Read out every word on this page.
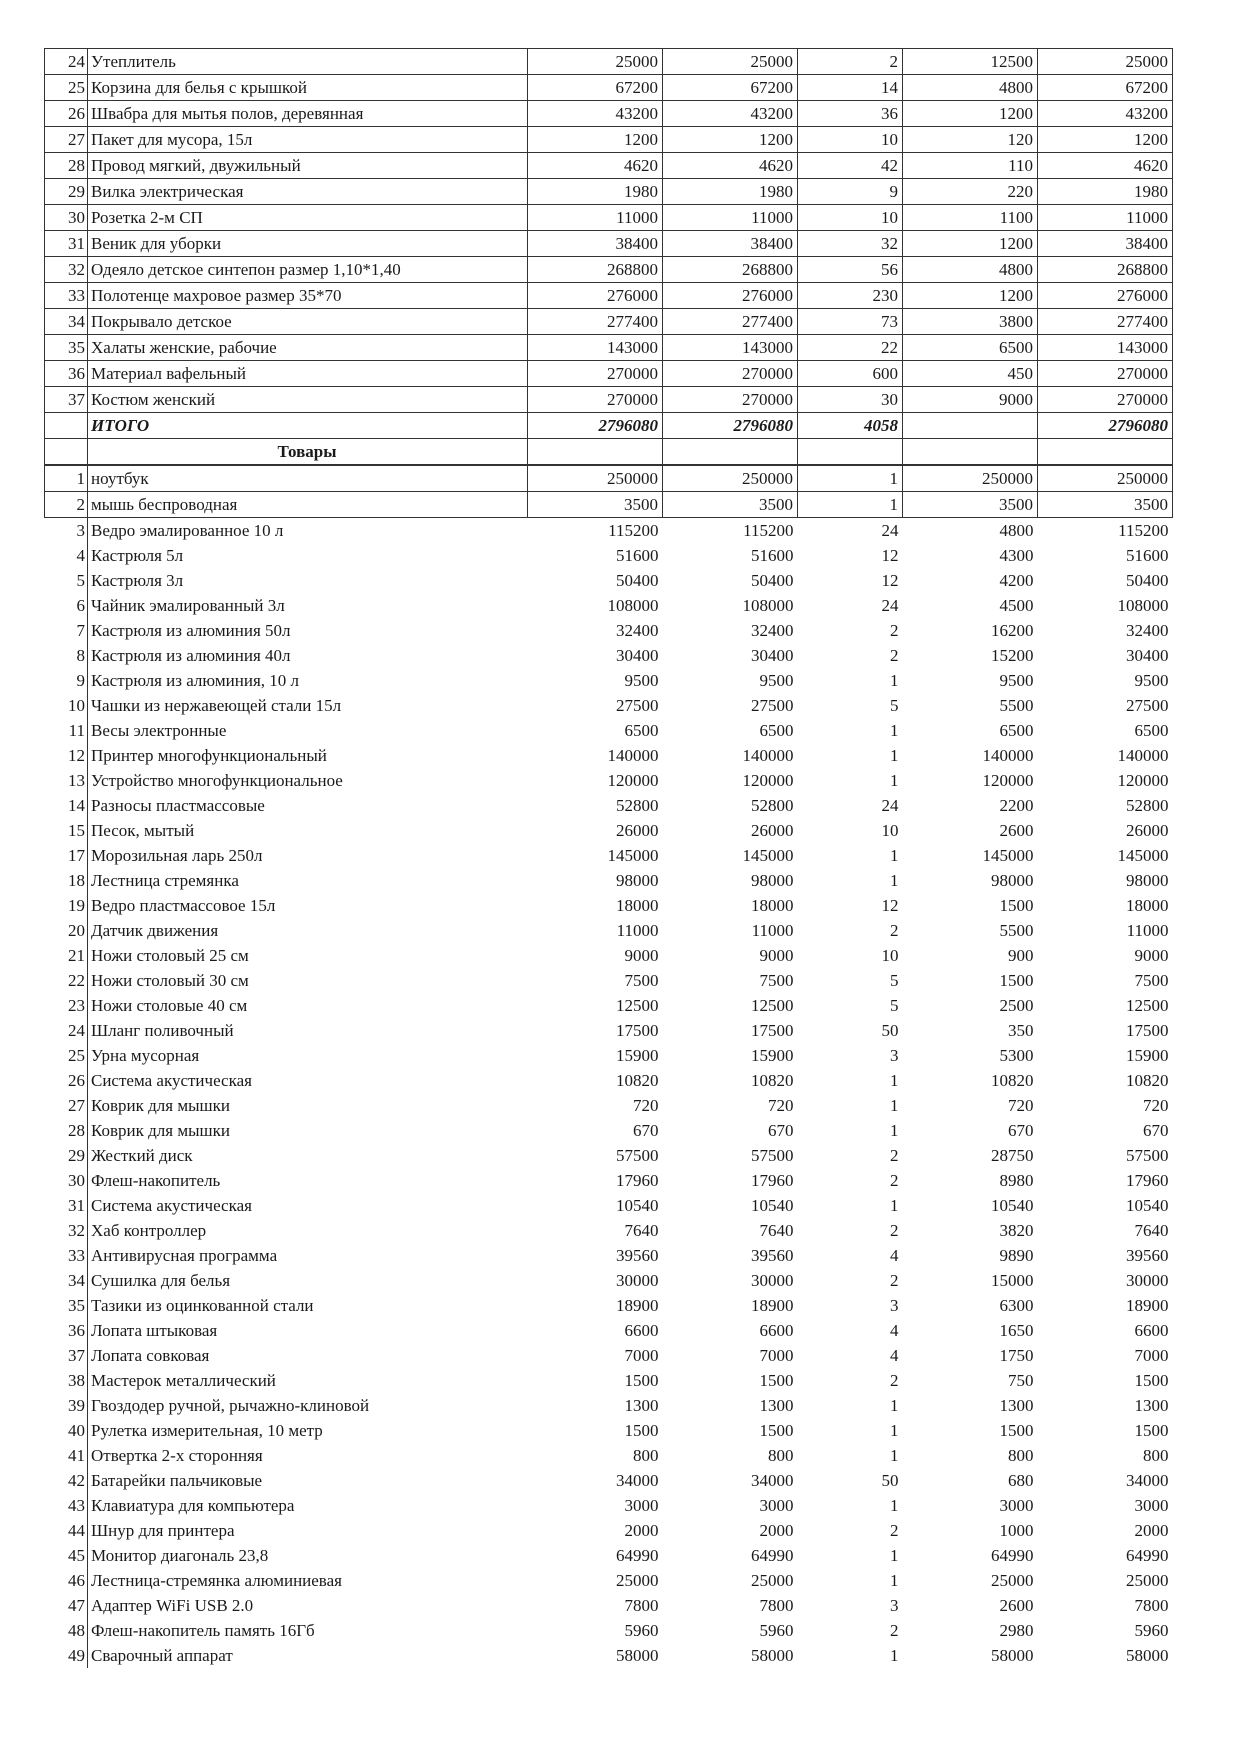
24	Утеплитель	25000	25000	2	12500	25000	
25	Корзина для белья с крышкой	67200	67200	14	4800	67200	
26	Швабра для мытья полов, деревянная	43200	43200	36	1200	43200	
27	Пакет для мусора, 15л	1200	1200	10	120	1200	
28	Провод мягкий, двужильный	4620	4620	42	110	4620	
29	Вилка электрическая	1980	1980	9	220	1980	
30	Розетка 2-м СП	11000	11000	10	1100	11000	
31	Веник для уборки	38400	38400	32	1200	38400	
32	Одеяло детское синтепон размер 1,10*1,40	268800	268800	56	4800	268800	
33	Полотенце махровое размер 35*70	276000	276000	230	1200	276000	
34	Покрывало детское	277400	277400	73	3800	277400	
35	Халаты женские, рабочие	143000	143000	22	6500	143000	
36	Материал вафельный	270000	270000	600	450	270000	
37	Костюм женский	270000	270000	30	9000	270000	
	ИТОГО	2796080	2796080	4058		2796080	
	Товары						
1	ноутбук	250000	250000	1	250000	250000	
2	мышь беспроводная	3500	3500	1	3500	3500	
3	Ведро эмалированное 10 л	115200	115200	24	4800	115200	
4	Кастрюля 5л	51600	51600	12	4300	51600	
5	Кастрюля 3л	50400	50400	12	4200	50400	
6	Чайник эмалированный 3л	108000	108000	24	4500	108000	
7	Кастрюля из алюминия 50л	32400	32400	2	16200	32400	
8	Кастрюля из алюминия 40л	30400	30400	2	15200	30400	
9	Кастрюля из алюминия, 10 л	9500	9500	1	9500	9500	
10	Чашки из нержавеющей стали 15л	27500	27500	5	5500	27500	
11	Весы электронные	6500	6500	1	6500	6500	
12	Принтер многофункциональный	140000	140000	1	140000	140000	
13	Устройство многофункциональное	120000	120000	1	120000	120000	
14	Разносы пластмассовые	52800	52800	24	2200	52800	
15	Песок, мытый	26000	26000	10	2600	26000	
17	Морозильная ларь 250л	145000	145000	1	145000	145000	
18	Лестница стремянка	98000	98000	1	98000	98000	
19	Ведро пластмассовое 15л	18000	18000	12	1500	18000	
20	Датчик движения	11000	11000	2	5500	11000	
21	Ножи столовый 25 см	9000	9000	10	900	9000	
22	Ножи столовый 30 см	7500	7500	5	1500	7500	
23	Ножи столовые 40 см	12500	12500	5	2500	12500	
24	Шланг поливочный	17500	17500	50	350	17500	
25	Урна мусорная	15900	15900	3	5300	15900	
26	Система акустическая	10820	10820	1	10820	10820	
27	Коврик для мышки	720	720	1	720	720	
28	Коврик для мышки	670	670	1	670	670	
29	Жесткий диск	57500	57500	2	28750	57500	
30	Флеш-накопитель	17960	17960	2	8980	17960	
31	Система акустическая	10540	10540	1	10540	10540	
32	Хаб контроллер	7640	7640	2	3820	7640	
33	Антивирусная программа	39560	39560	4	9890	39560	
34	Сушилка для белья	30000	30000	2	15000	30000	
35	Тазики из оцинкованной стали	18900	18900	3	6300	18900	
36	Лопата штыковая	6600	6600	4	1650	6600	
37	Лопата совковая	7000	7000	4	1750	7000	
38	Мастерок металлический	1500	1500	2	750	1500	
39	Гвоздодер ручной, рычажно-клиновой	1300	1300	1	1300	1300	
40	Рулетка измерительная, 10 метр	1500	1500	1	1500	1500	
41	Отвертка 2-х сторонняя	800	800	1	800	800	
42	Батарейки пальчиковые	34000	34000	50	680	34000	
43	Клавиатура для компьютера	3000	3000	1	3000	3000	
44	Шнур для принтера	2000	2000	2	1000	2000	
45	Монитор диагональ 23,8	64990	64990	1	64990	64990	
46	Лестница-стремянка алюминиевая	25000	25000	1	25000	25000	
47	Адаптер WiFi USB 2.0	7800	7800	3	2600	7800	
48	Флеш-накопитель память 16Гб	5960	5960	2	2980	5960	
49	Сварочный аппарат	58000	58000	1	58000	58000	
